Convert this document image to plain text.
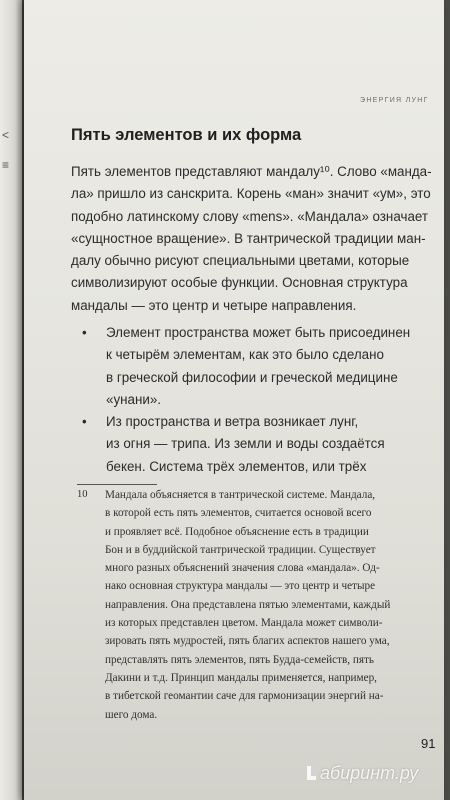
<
≡
ЭНЕРГИЯ ЛУНГ
Пять элементов и их форма

Пять элементов представляют мандалу¹⁰. Слово «манда-
ла» пришло из санскрита. Корень «ман» значит «ум», это
подобно латинскому слову «mens». «Мандала» означает
«сущностное вращение». В тантрической традиции ман-
далу обычно рисуют специальными цветами, которые
символизируют особые функции. Основная структура
мандалы — это центр и четыре направления.

• Элемент пространства может быть присоединен
к четырём элементам, как это было сделано
в греческой философии и греческой медицине
«унани».
• Из пространства и ветра возникает лунг,
из огня — трипа. Из земли и воды создаётся
бекен. Система трёх элементов, или трёх
10 Мандала объясняется в тантрической системе. Мандала,
в которой есть пять элементов, считается основой всего
и проявляет всё. Подобное объяснение есть в традиции
Бон и в буддийской тантрической традиции. Существует
много разных объяснений значения слова «мандала». Од-
нако основная структура мандалы — это центр и четыре
направления. Она представлена пятью элементами, каждый
из которых представлен цветом. Мандала может символи-
зировать пять мудростей, пять благих аспектов нашего ума,
представлять пять элементов, пять Будда-семейств, пять
Дакини и т.д. Принцип мандалы применяется, например,
в тибетской геомантии саче для гармонизации энергий на-
шего дома.
91
абиринт.ру
